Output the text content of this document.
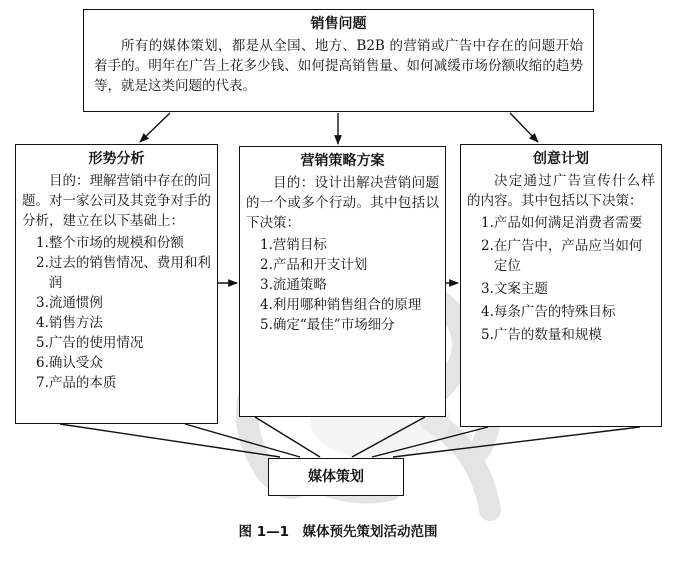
销售问题
所有的媒体策划，都是从全国、地方、B2B 的营销或广告中存在的问题开始着手的。明年在广告上花多少钱、如何提高销售量、如何减缓市场份额收缩的趋势等，就是这类问题的代表。
形势分析
目的：理解营销中存在的问题。对一家公司及其竞争对手的分析，建立在以下基础上：
1. 整个市场的规模和份额
2. 过去的销售情况、费用和利润
3. 流通惯例
4. 销售方法
5. 广告的使用情况
6. 确认受众
7. 产品的本质
营销策略方案
目的：设计出解决营销问题的一个或多个行动。其中包括以下决策：
1. 营销目标
2. 产品和开支计划
3. 流通策略
4. 利用哪种销售组合的原理
5. 确定“最佳”市场细分
创意计划
决定通过广告宣传什么样的内容。其中包括以下决策：
1. 产品如何满足消费者需要
2. 在广告中，产品应当如何定位
3. 文案主题
4. 每条广告的特殊目标
5. 广告的数量和规模
媒体策划
图 1—1　媒体预先策划活动范围
